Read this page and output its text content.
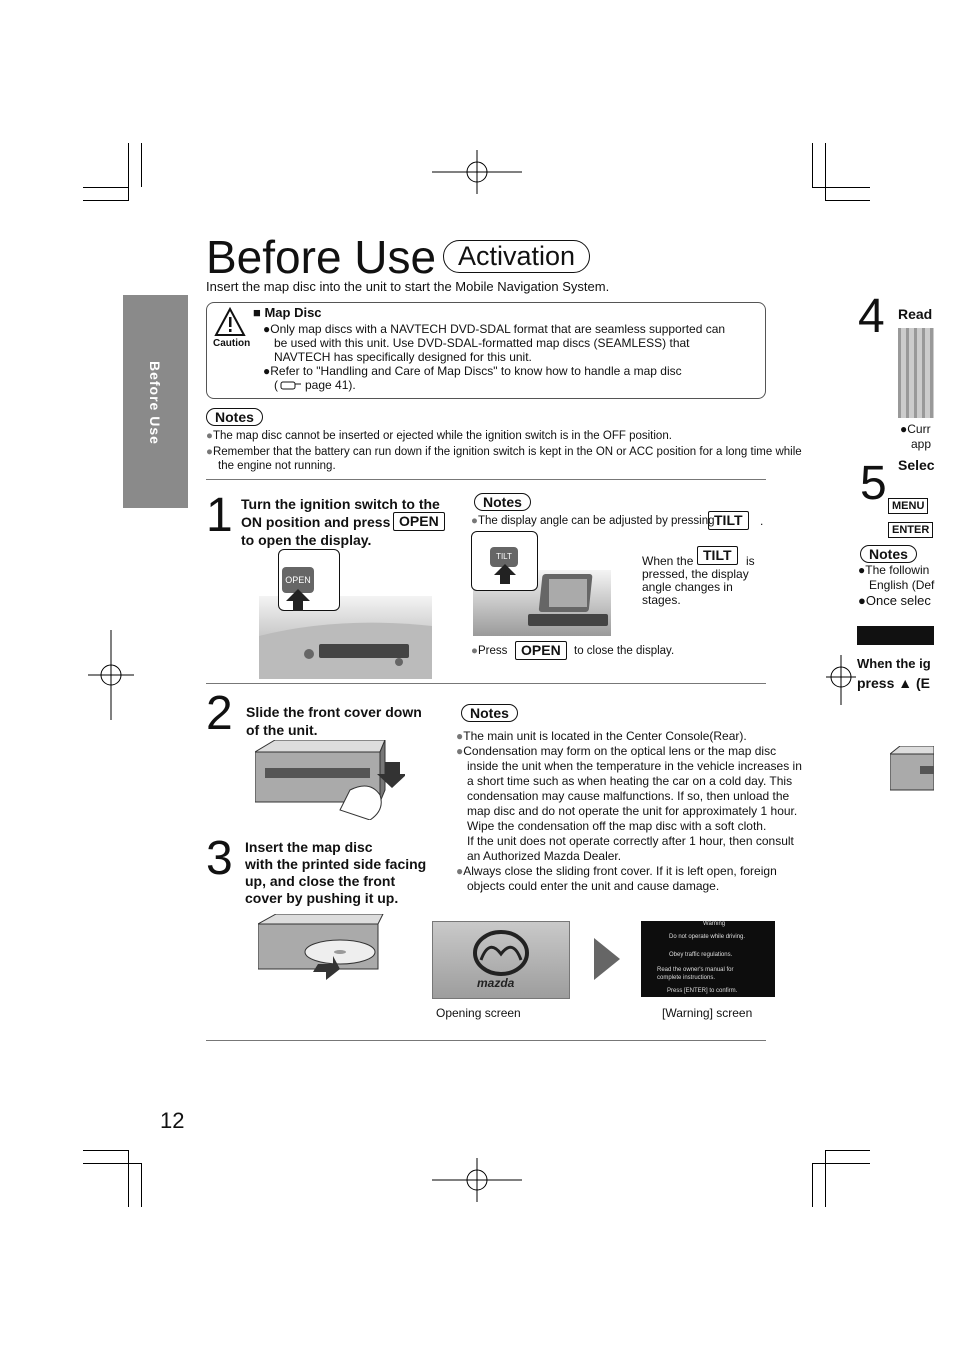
Before Use
Before Use Activation
Insert the map disc into the unit to start the Mobile Navigation System.
Caution
■ Map Disc
●Only map discs with a NAVTECH DVD-SDAL format that are seamless supported can
be used with this unit. Use DVD-SDAL-formatted map discs (SEAMLESS) that
NAVTECH has specifically designed for this unit.
●Refer to "Handling and Care of Map Discs" to know how to handle a map disc
( page 41).
Notes
●The map disc cannot be inserted or ejected while the ignition switch is in the OFF position.
●Remember that the battery can run down if the ignition switch is kept in the ON or ACC position for a long time while
the engine not running.
1 Turn the ignition switch to the
ON position and press OPEN
to open the display.
OPEN
Notes
●The display angle can be adjusted by pressing TILT	.
TILT	When the TILT	is
pressed, the display
angle changes in
stages.
●Press OPEN	to close the display.
2 Slide the front cover down
of the unit.
3 Insert the map disc
with the printed side facing
up, and close the front
cover by pushing it up.
Notes
●The main unit is located in the Center Console(Rear).
●Condensation may form on the optical lens or the map disc
inside the unit when the temperature in the vehicle increases in
a short time such as when heating the car on a cold day. This
condensation may cause malfunctions. If so, then unload the
map disc and do not operate the unit for approximately 1 hour.
Wipe the condensation off the map disc with a soft cloth.
If the unit does not operate correctly after 1 hour, then consult
an Authorized Mazda Dealer.
●Always close the sliding front cover. If it is left open, foreign
objects could enter the unit and cause damage.
mazda
Warning
Do not operate while driving.
Obey traffic regulations.
Read the owner's manual for
complete instructions.
Press [ENTER] to confirm.
Opening screen	[Warning] screen
12
4 Read
●Curr
app
5 Selec
MENU
ENTER
Notes
●The followin
English (Def
●Once selec
When the ig
press ▲ (E
